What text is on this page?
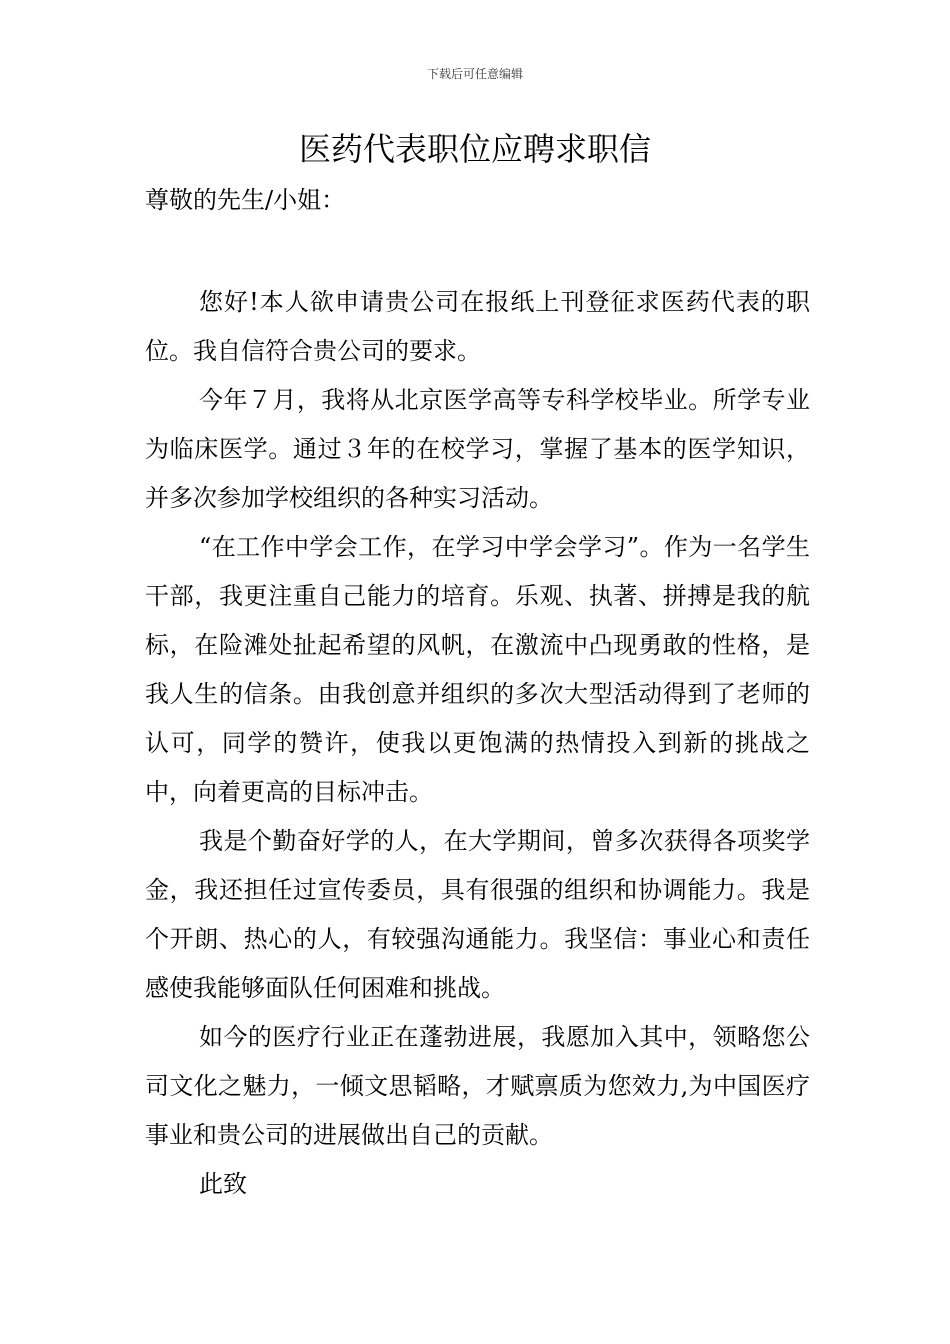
下载后可任意编辑
医药代表职位应聘求职信
尊敬的先生/小姐：

您好!本人欲申请贵公司在报纸上刊登征求医药代表的职位。我自信符合贵公司的要求。

今年７月，我将从北京医学高等专科学校毕业。所学专业为临床医学。通过３年的在校学习，掌握了基本的医学知识，并多次参加学校组织的各种实习活动。

“在工作中学会工作，在学习中学会学习”。作为一名学生干部，我更注重自己能力的培育。乐观、执著、拼搏是我的航标，在险滩处扯起希望的风帆，在激流中凸现勇敢的性格，是我人生的信条。由我创意并组织的多次大型活动得到了老师的认可，同学的赞许，使我以更饱满的热情投入到新的挑战之中，向着更高的目标冲击。

我是个勤奋好学的人，在大学期间，曾多次获得各项奖学金，我还担任过宣传委员，具有很强的组织和协调能力。我是个开朗、热心的人，有较强沟通能力。我坚信：事业心和责任感使我能够面队任何困难和挑战。

如今的医疗行业正在蓬勃进展，我愿加入其中，领略您公司文化之魅力，一倾文思韬略，才赋禀质为您效力,为中国医疗事业和贵公司的进展做出自己的贡献。

此致
